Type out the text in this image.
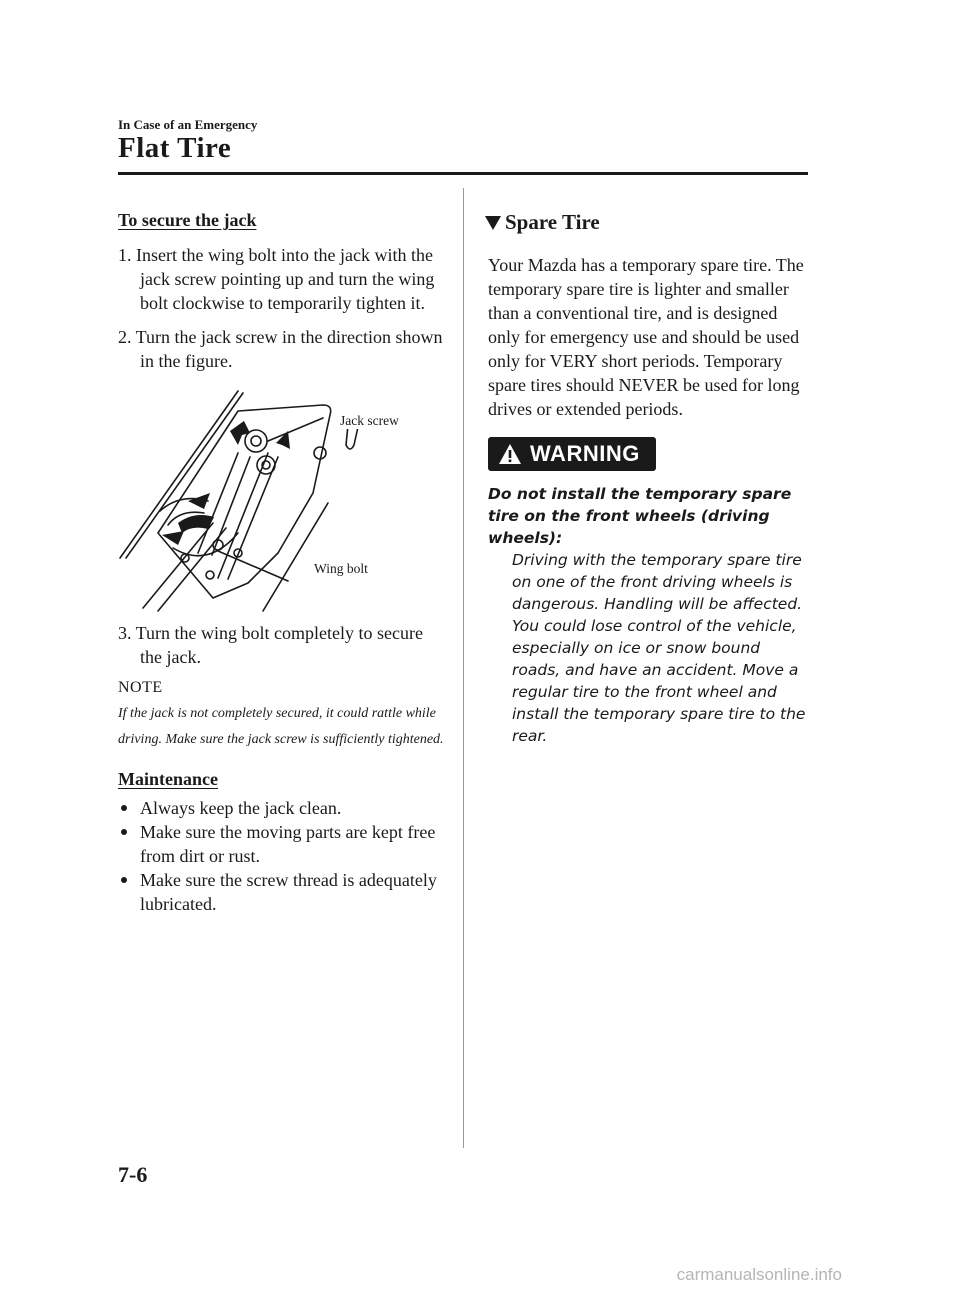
In Case of an Emergency
Flat Tire

To secure the jack

1. Insert the wing bolt into the jack with the jack screw pointing up and turn the wing bolt clockwise to temporarily tighten it.

2. Turn the jack screw in the direction shown in the figure.

Jack screw
Wing bolt

3. Turn the wing bolt completely to secure the jack.

NOTE

If the jack is not completely secured, it could rattle while driving. Make sure the jack screw is sufficiently tightened.

Maintenance

Always keep the jack clean.
Make sure the moving parts are kept free from dirt or rust.
Make sure the screw thread is adequately lubricated.
Spare Tire

Your Mazda has a temporary spare tire. The temporary spare tire is lighter and smaller than a conventional tire, and is designed only for emergency use and should be used only for VERY short periods. Temporary spare tires should NEVER be used for long drives or extended periods.

WARNING

Do not install the temporary spare tire on the front wheels (driving wheels):

Driving with the temporary spare tire on one of the front driving wheels is dangerous. Handling will be affected. You could lose control of the vehicle, especially on ice or snow bound roads, and have an accident. Move a regular tire to the front wheel and install the temporary spare tire to the rear.

7-6
carmanualsonline.info
